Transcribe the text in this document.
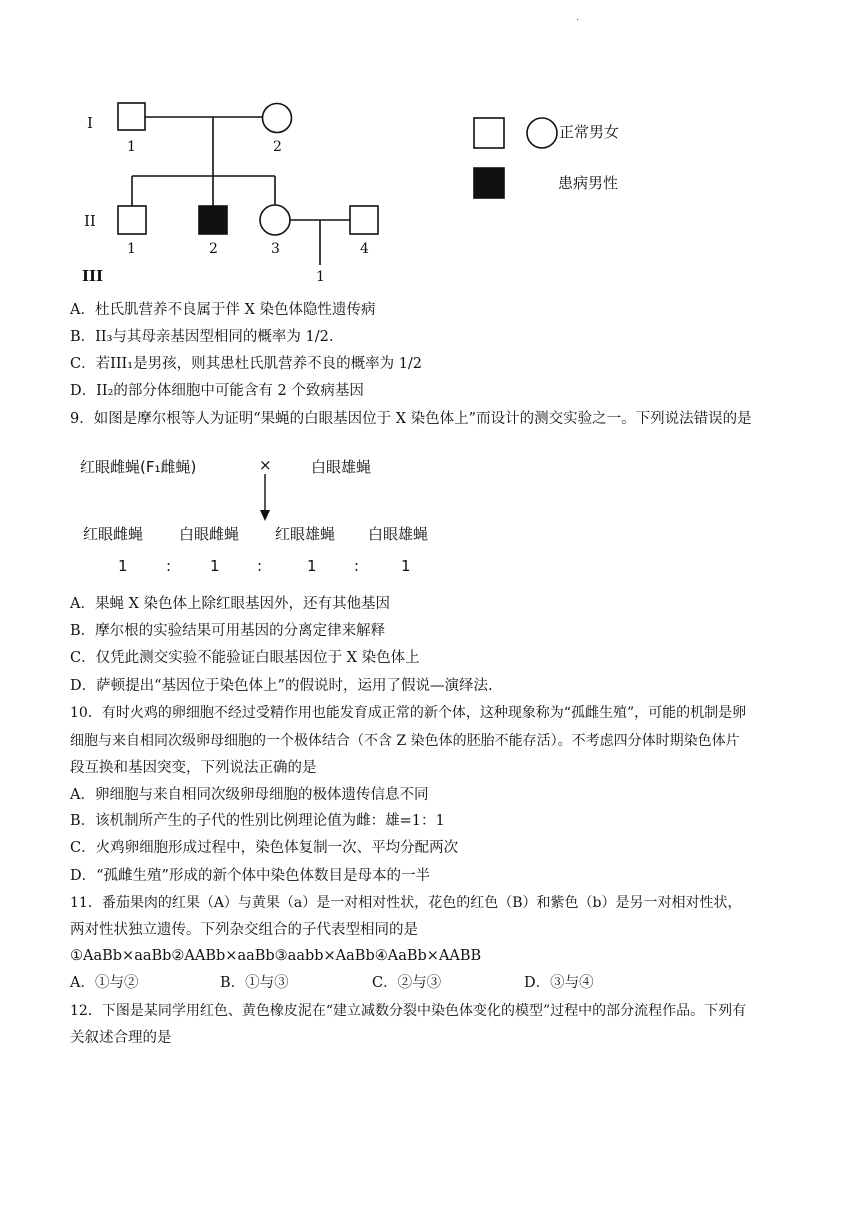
.
I
II
III
1	2
1	2	3	4
1
正常男女
患病男性
A．杜氏肌营养不良属于伴 X 染色体隐性遗传病
B．II₃与其母亲基因型相同的概率为 1/2.
C．若III₁是男孩，则其患杜氏肌营养不良的概率为 1/2
D．II₂的部分体细胞中可能含有 2 个致病基因
9．如图是摩尔根等人为证明“果蝇的白眼基因位于 X 染色体上”而设计的测交实验之一。下列说法错误的是
红眼雌蝇(F₁雌蝇)	×	白眼雄蝇
红眼雌蝇 白眼雌蝇 红眼雄蝇 白眼雄蝇
1	:	1 :	1 :	1
A．果蝇 X 染色体上除红眼基因外，还有其他基因
B．摩尔根的实验结果可用基因的分离定律来解释
C．仅凭此测交实验不能验证白眼基因位于 X 染色体上
D．萨顿提出“基因位于染色体上”的假说时，运用了假说—演绎法.
10．有时火鸡的卵细胞不经过受精作用也能发育成正常的新个体，这种现象称为“孤雌生殖”，可能的机制是卵
细胞与来自相同次级卵母细胞的一个极体结合（不含 Z 染色体的胚胎不能存活）。不考虑四分体时期染色体片
段互换和基因突变，下列说法正确的是
A．卵细胞与来自相同次级卵母细胞的极体遗传信息不同
B．该机制所产生的子代的性别比例理论值为雌：雄=1：1
C．火鸡卵细胞形成过程中，染色体复制一次、平均分配两次
D．“孤雌生殖”形成的新个体中染色体数目是母本的一半
11．番茄果肉的红果（A）与黄果（a）是一对相对性状，花色的红色（B）和紫色（b）是另一对相对性状，
两对性状独立遗传。下列杂交组合的子代表型相同的是
①AaBb×aaBb②AABb×aaBb③aabb×AaBb④AaBb×AABB
A．①与②	B．①与③	C．②与③	D．③与④
12．下图是某同学用红色、黄色橡皮泥在“建立减数分裂中染色体变化的模型”过程中的部分流程作品。下列有
关叙述合理的是
